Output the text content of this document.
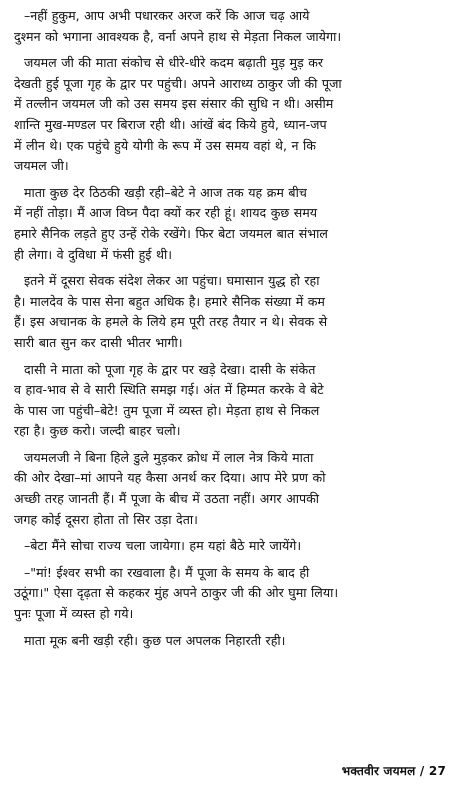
–नहीं हुकुम, आप अभी पधारकर अरज करें कि आज चढ़ आये
दुश्मन को भगाना आवश्यक है, वर्ना अपने हाथ से मेड़ता निकल जायेगा।
जयमल जी की माता संकोच से धीरे-धीरे कदम बढ़ाती मुड़ मुड़ कर
देखती हुई पूजा गृह के द्वार पर पहुंची। अपने आराध्य ठाकुर जी की पूजा
में तल्लीन जयमल जी को उस समय इस संसार की सुधि न थी। असीम
शान्ति मुख-मण्डल पर बिराज रही थी। आंखें बंद किये हुये, ध्यान-जप
में लीन थे। एक पहुंचे हुये योगी के रूप में उस समय वहां थे, न कि
जयमल जी।
माता कुछ देर ठिठकी खड़ी रही–बेटे ने आज तक यह क्रम बीच
में नहीं तोड़ा। मैं आज विघ्न पैदा क्यों कर रही हूं। शायद कुछ समय
हमारे सैनिक लड़ते हुए उन्हें रोके रखेंगे। फिर बेटा जयमल बात संभाल
ही लेगा। वे दुविधा में फंसी हुई थी।
इतने में दूसरा सेवक संदेश लेकर आ पहुंचा। घमासान युद्ध हो रहा
है। मालदेव के पास सेना बहुत अधिक है। हमारे सैनिक संख्या में कम
हैं। इस अचानक के हमले के लिये हम पूरी तरह तैयार न थे। सेवक से
सारी बात सुन कर दासी भीतर भागी।
दासी ने माता को पूजा गृह के द्वार पर खड़े देखा। दासी के संकेत
व हाव-भाव से वे सारी स्थिति समझ गई। अंत में हिम्मत करके वे बेटे
के पास जा पहुंची–बेटे! तुम पूजा में व्यस्त हो। मेड़ता हाथ से निकल
रहा है। कुछ करो। जल्दी बाहर चलो।
जयमलजी ने बिना हिले डुले मुड़कर क्रोध में लाल नेत्र किये माता
की ओर देखा–मां आपने यह कैसा अनर्थ कर दिया। आप मेरे प्रण को
अच्छी तरह जानती हैं। मैं पूजा के बीच में उठता नहीं। अगर आपकी
जगह कोई दूसरा होता तो सिर उड़ा देता।
–बेटा मैंने सोचा राज्य चला जायेगा। हम यहां बैठे मारे जायेंगे।
–"मां! ईश्वर सभी का रखवाला है। मैं पूजा के समय के बाद ही
उठूंगा।" ऐसा दृढ़ता से कहकर मुंह अपने ठाकुर जी की ओर घुमा लिया।
पुनः पूजा में व्यस्त हो गये।
माता मूक बनी खड़ी रही। कुछ पल अपलक निहारती रही।
भक्तवीर जयमल / 27
